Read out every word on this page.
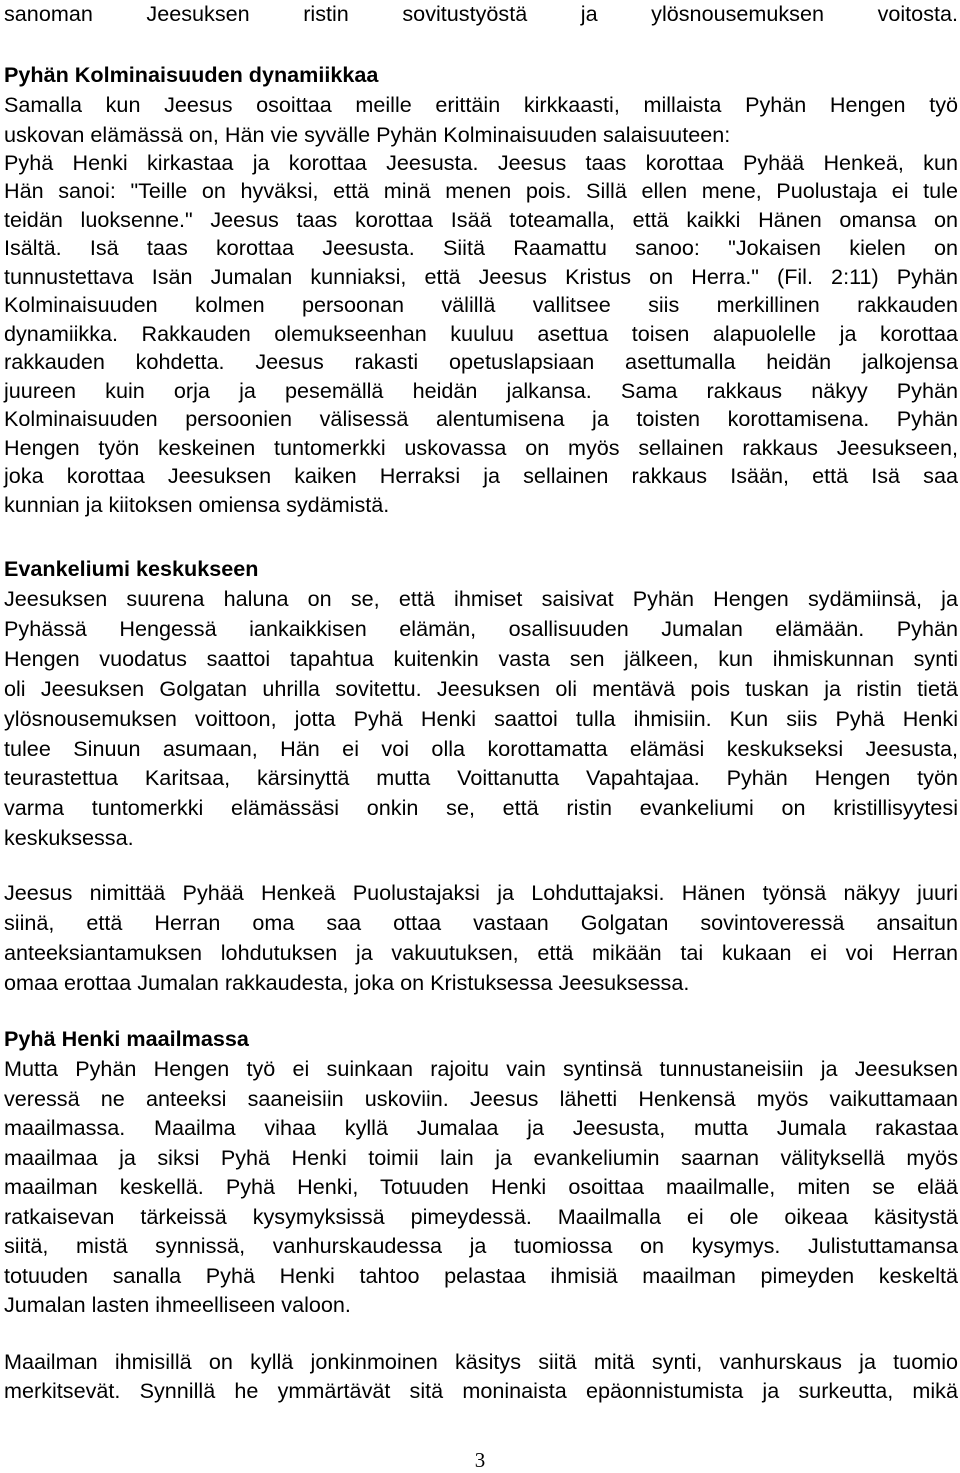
sanoman Jeesuksen ristin sovitustyöstä ja ylösnousemuksen voitosta.
Pyhän Kolminaisuuden dynamiikkaa
Samalla kun Jeesus osoittaa meille erittäin kirkkaasti, millaista Pyhän Hengen työ
uskovan elämässä on, Hän vie syvälle Pyhän Kolminaisuuden salaisuuteen:
Pyhä Henki kirkastaa ja korottaa Jeesusta. Jeesus taas korottaa Pyhää Henkeä, kun
Hän sanoi: "Teille on hyväksi, että minä menen pois. Sillä ellen mene, Puolustaja ei tule
teidän luoksenne." Jeesus taas korottaa Isää toteamalla, että kaikki Hänen omansa on
Isältä. Isä taas korottaa Jeesusta. Siitä Raamattu sanoo: "Jokaisen kielen on
tunnustettava Isän Jumalan kunniaksi, että Jeesus Kristus on Herra." (Fil. 2:11) Pyhän
Kolminaisuuden kolmen persoonan välillä vallitsee siis merkillinen rakkauden
dynamiikka. Rakkauden olemukseenhan kuuluu asettua toisen alapuolelle ja korottaa
rakkauden kohdetta. Jeesus rakasti opetuslapsiaan asettumalla heidän jalkojensa
juureen kuin orja ja pesemällä heidän jalkansa. Sama rakkaus näkyy Pyhän
Kolminaisuuden persoonien välisessä alentumisena ja toisten korottamisena. Pyhän
Hengen työn keskeinen tuntomerkki uskovassa on myös sellainen rakkaus Jeesukseen,
joka korottaa Jeesuksen kaiken Herraksi ja sellainen rakkaus Isään, että Isä saa
kunnian ja kiitoksen omiensa sydämistä.
Evankeliumi keskukseen
Jeesuksen suurena haluna on se, että ihmiset saisivat Pyhän Hengen sydämiinsä, ja
Pyhässä Hengessä iankaikkisen elämän, osallisuuden Jumalan elämään. Pyhän
Hengen vuodatus saattoi tapahtua kuitenkin vasta sen jälkeen, kun ihmiskunnan synti
oli Jeesuksen Golgatan uhrilla sovitettu. Jeesuksen oli mentävä pois tuskan ja ristin tietä
ylösnousemuksen voittoon, jotta Pyhä Henki saattoi tulla ihmisiin. Kun siis Pyhä Henki
tulee Sinuun asumaan, Hän ei voi olla korottamatta elämäsi keskukseksi Jeesusta,
teurastettua Karitsaa, kärsinyttä mutta Voittanutta Vapahtajaa. Pyhän Hengen työn
varma tuntomerkki elämässäsi onkin se, että ristin evankeliumi on kristillisyytesi
keskuksessa.
Jeesus nimittää Pyhää Henkeä Puolustajaksi ja Lohduttajaksi. Hänen työnsä näkyy juuri
siinä, että Herran oma saa ottaa vastaan Golgatan sovintoveressä ansaitun
anteeksiantamuksen lohdutuksen ja vakuutuksen, että mikään tai kukaan ei voi Herran
omaa erottaa Jumalan rakkaudesta, joka on Kristuksessa Jeesuksessa.
Pyhä Henki maailmassa
Mutta Pyhän Hengen työ ei suinkaan rajoitu vain syntinsä tunnustaneisiin ja Jeesuksen
veressä ne anteeksi saaneisiin uskoviin. Jeesus lähetti Henkensä myös vaikuttamaan
maailmassa. Maailma vihaa kyllä Jumalaa ja Jeesusta, mutta Jumala rakastaa
maailmaa ja siksi Pyhä Henki toimii lain ja evankeliumin saarnan välityksellä myös
maailman keskellä. Pyhä Henki, Totuuden Henki osoittaa maailmalle, miten se elää
ratkaisevan tärkeissä kysymyksissä pimeydessä. Maailmalla ei ole oikeaa käsitystä
siitä, mistä synnissä, vanhurskaudessa ja tuomiossa on kysymys. Julistuttamansa
totuuden sanalla Pyhä Henki tahtoo pelastaa ihmisiä maailman pimeyden keskeltä
Jumalan lasten ihmeelliseen valoon.
Maailman ihmisillä on kyllä jonkinmoinen käsitys siitä mitä synti, vanhurskaus ja tuomio
merkitsevät. Synnillä he ymmärtävät sitä moninaista epäonnistumista ja surkeutta, mikä
3
